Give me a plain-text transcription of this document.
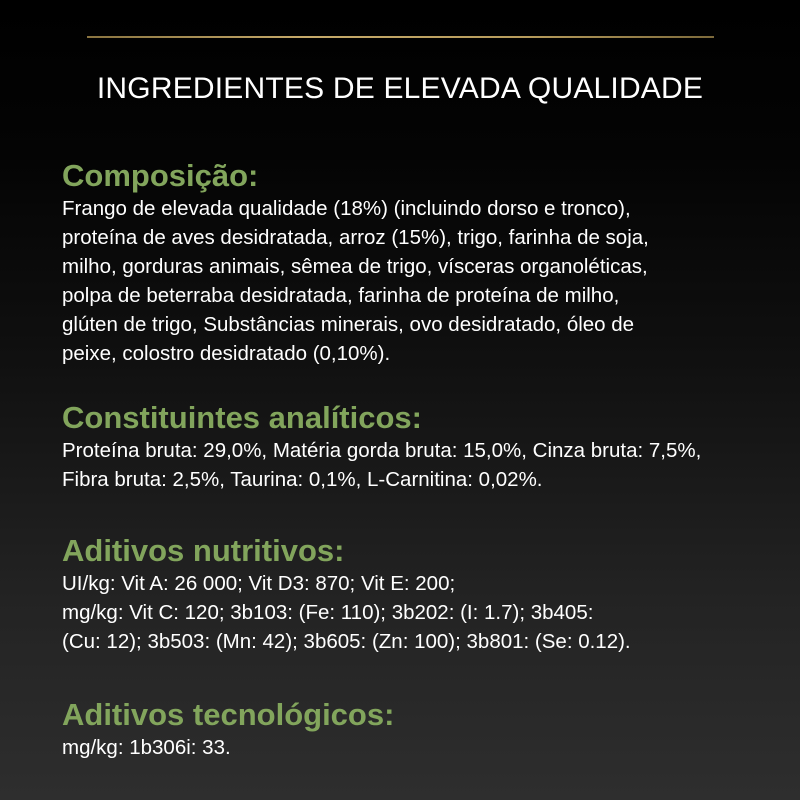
INGREDIENTES DE ELEVADA QUALIDADE
Composição:
Frango de elevada qualidade (18%) (incluindo dorso e tronco),
proteína de aves desidratada, arroz (15%), trigo, farinha de soja,
milho, gorduras animais, sêmea de trigo, vísceras organoléticas,
polpa de beterraba desidratada, farinha de proteína de milho,
glúten de trigo, Substâncias minerais, ovo desidratado, óleo de
peixe, colostro desidratado (0,10%).
Constituintes analíticos:
Proteína bruta: 29,0%, Matéria gorda bruta: 15,0%, Cinza bruta: 7,5%,
Fibra bruta: 2,5%, Taurina: 0,1%, L-Carnitina: 0,02%.
Aditivos nutritivos:
UI/kg: Vit A: 26 000; Vit D3: 870; Vit E: 200;
mg/kg: Vit C: 120; 3b103: (Fe: 110); 3b202: (I: 1.7); 3b405:
(Cu: 12); 3b503: (Mn: 42); 3b605: (Zn: 100); 3b801: (Se: 0.12).
Aditivos tecnológicos:
mg/kg: 1b306i: 33.
